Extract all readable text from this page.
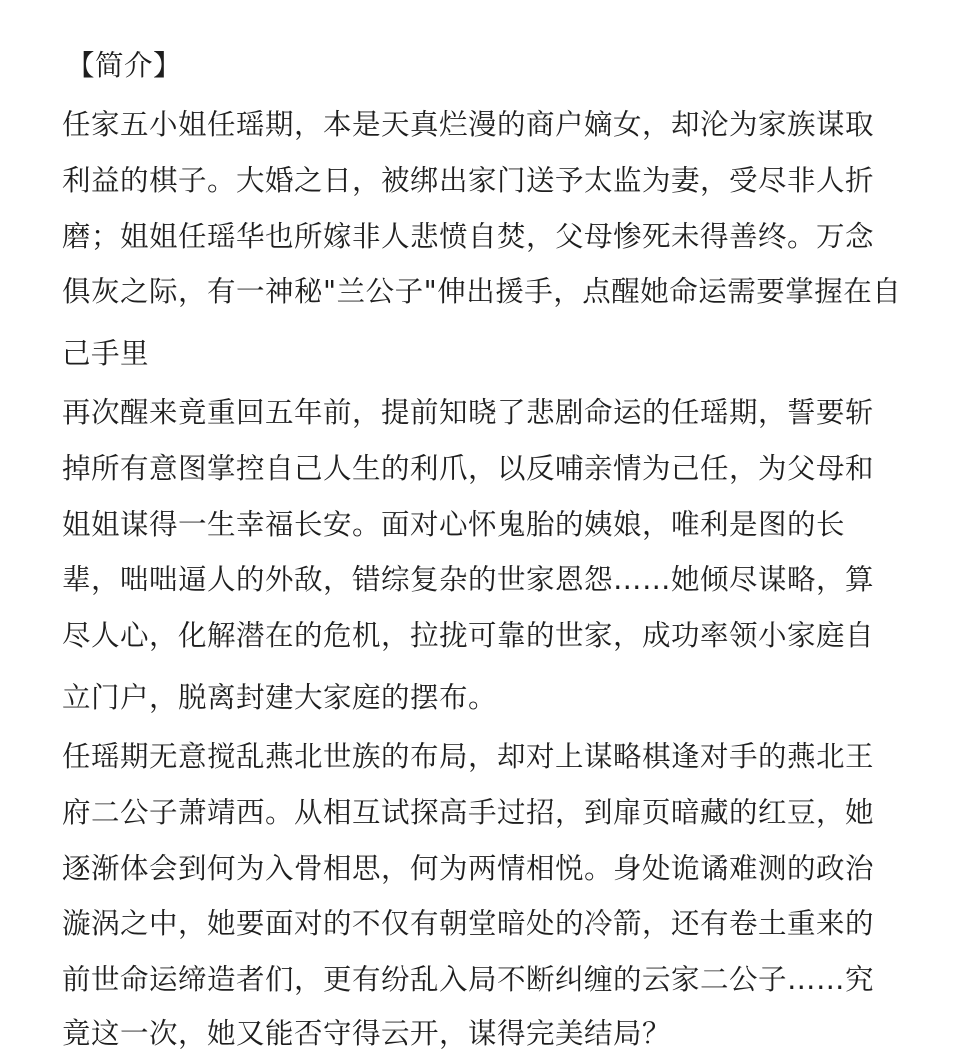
【简介】
任家五小姐任瑶期，本是天真烂漫的商户嫡女，却沦为家族谋取
利益的棋子。大婚之日，被绑出家门送予太监为妻，受尽非人折
磨；姐姐任瑶华也所嫁非人悲愤自焚，父母惨死未得善终。万念
俱灰之际，有一神秘"兰公子"伸出援手，点醒她命运需要掌握在自
己手里
再次醒来竟重回五年前，提前知晓了悲剧命运的任瑶期，誓要斩
掉所有意图掌控自己人生的利爪，以反哺亲情为己任，为父母和
姐姐谋得一生幸福长安。面对心怀鬼胎的姨娘，唯利是图的长
辈，咄咄逼人的外敌，错综复杂的世家恩怨……她倾尽谋略，算
尽人心，化解潜在的危机，拉拢可靠的世家，成功率领小家庭自
立门户，脱离封建大家庭的摆布。
任瑶期无意搅乱燕北世族的布局，却对上谋略棋逢对手的燕北王
府二公子萧靖西。从相互试探高手过招，到扉页暗藏的红豆，她
逐渐体会到何为入骨相思，何为两情相悦。身处诡谲难测的政治
漩涡之中，她要面对的不仅有朝堂暗处的冷箭，还有卷土重来的
前世命运缔造者们，更有纷乱入局不断纠缠的云家二公子……究
竟这一次，她又能否守得云开，谋得完美结局？
